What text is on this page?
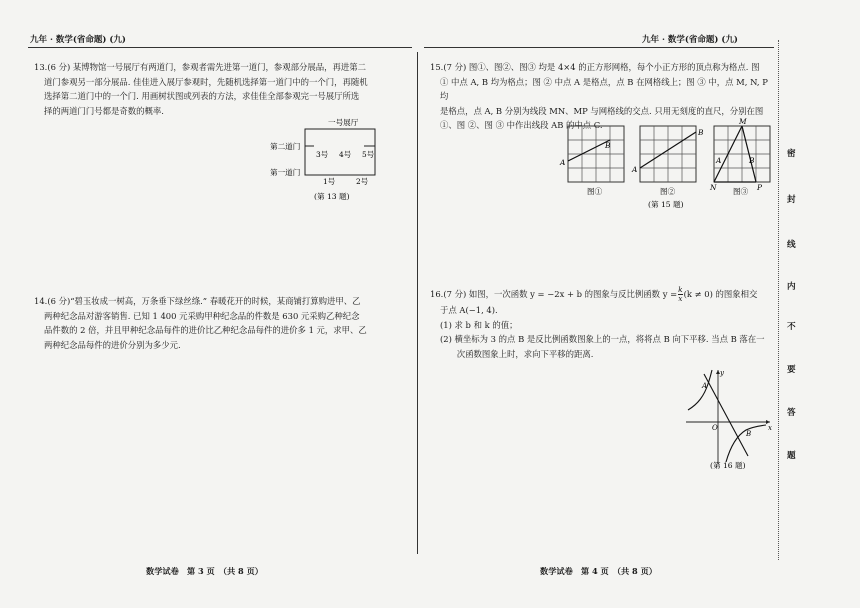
九年 · 数学(省命题) (九)	九年 · 数学(省命题) (九)

13.(6 分) 某博物馆一号展厅有两道门，参观者需先进第一道门，参观部分展品，再进第二

道门参观另一部分展品. 佳佳进入展厅参观时，先随机选择第一道门中的一个门，再随机

选择第二道门中的一个门. 用画树状图或列表的方法，求佳佳全部参观完一号展厅所选

择的两道门门号都是奇数的概率.

一号展厅
第二道门
3号 4号 5号
第一道门
1号	2号
(第 13 题)

14.(6 分)“碧玉妆成一树高，万条垂下绿丝绦.” 春暖花开的时候，某商铺打算购进甲、乙

两种纪念品对游客销售. 已知 1 400 元采购甲种纪念品的件数是 630 元采购乙种纪念

品件数的 2 倍，并且甲种纪念品每件的进价比乙种纪念品每件的进价多 1 元，求甲、乙

两种纪念品每件的进价分别为多少元.

15.(7 分) 图①、图②、图③ 均是 4×4 的正方形网格，每个小正方形的顶点称为格点. 图

① 中点 A, B 均为格点；图 ② 中点 A 是格点，点 B 在网格线上；图 ③ 中，点 M, N, P 均

是格点，点 A, B 分别为线段 MN、MP 与网格线的交点. 只用无刻度的直尺，分别在图

①、图 ②、图 ③ 中作出线段 AB 的中点 C.

A
B
图①
A
B
图②
M
A	B
N	P
图③
(第 15 题)

16.(7 分) 如图，一次函数 y = −2x + b 的图象与反比例函数 $y = \frac{k}{x} (k \ne 0)$ 的图象相交

于点 A(−1, 4).

(1) 求 b 和 k 的值；

(2) 横坐标为 3 的点 B 是反比例函数图象上的一点，将将点 B 向下平移. 当点 B 落在一

　　次函数图象上时，求向下平移的距离.

y
x
O
A
B
(第 16 题)
数学试卷　第 3 页　（共 8 页）	数学试卷　第 4 页　（共 8 页）
密
封
线
内
不
要
答
题
